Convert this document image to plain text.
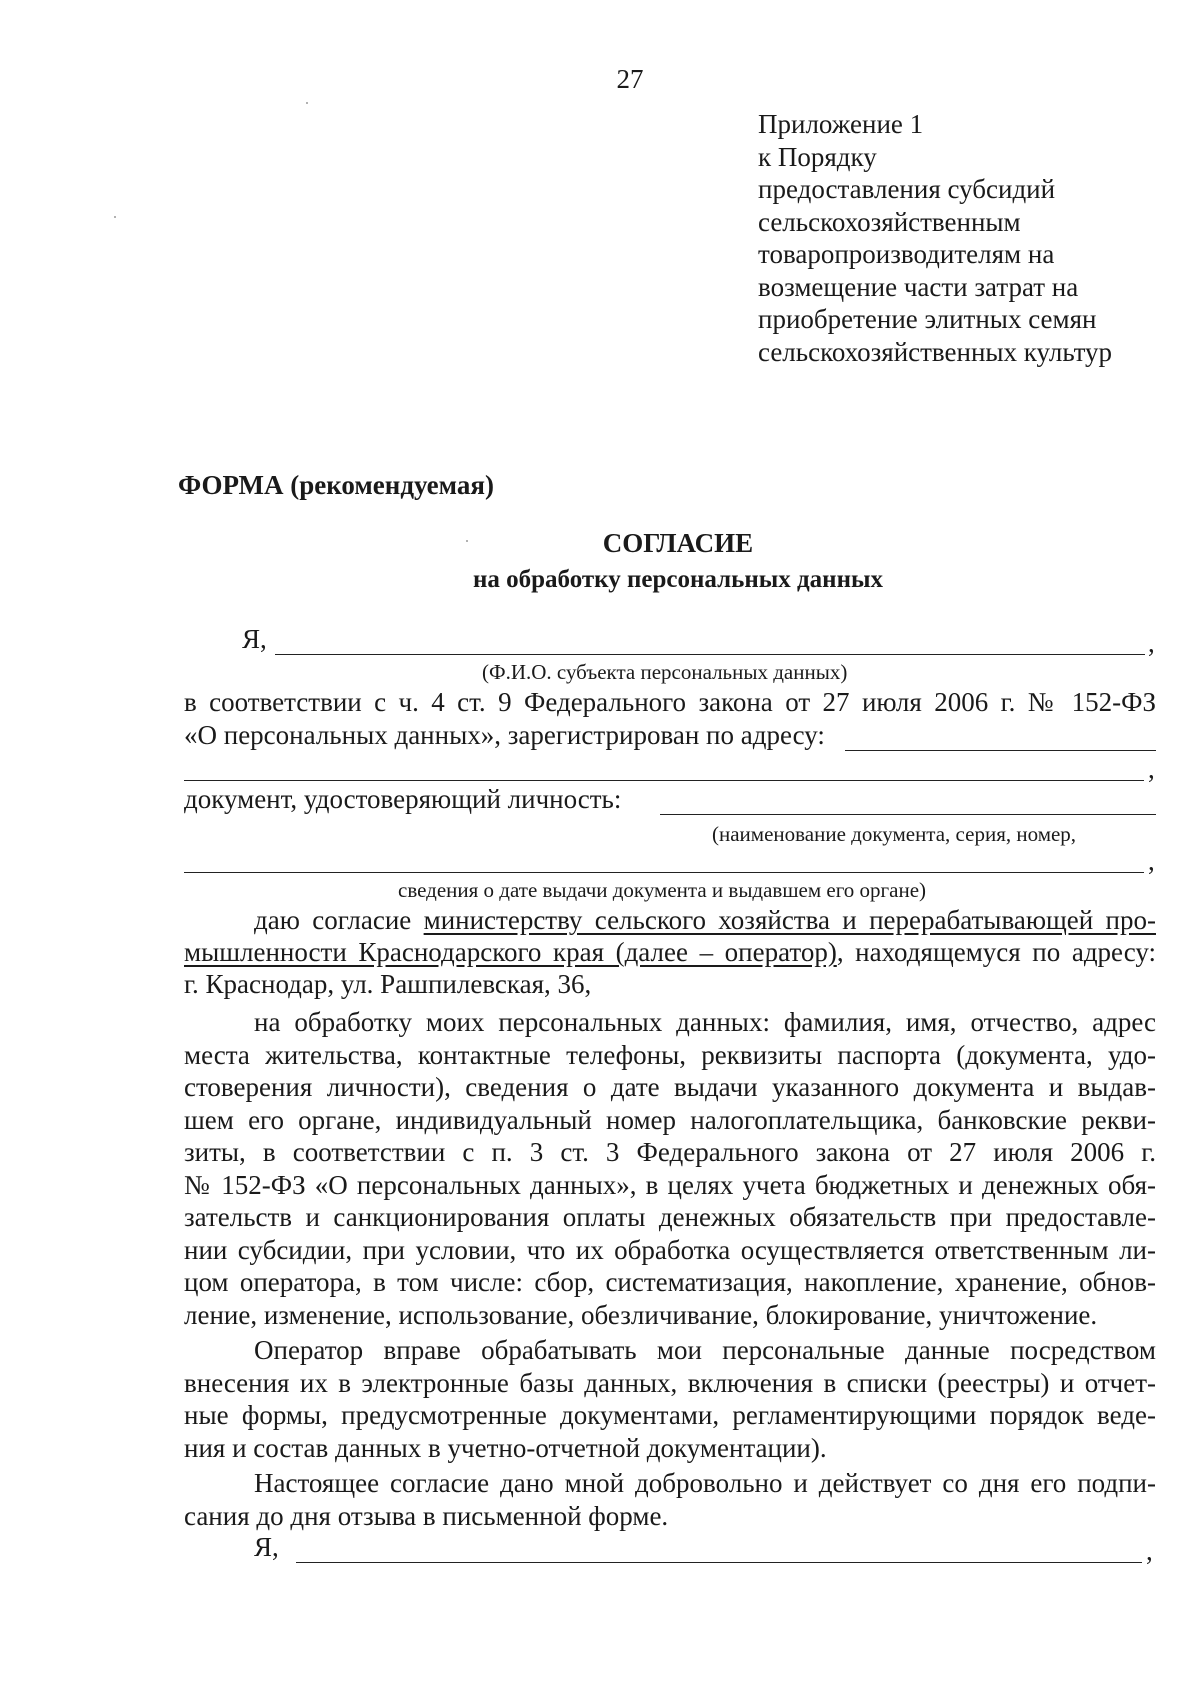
27
Приложение 1
к Порядку
предоставления субсидий
сельскохозяйственным
товаропроизводителям на
возмещение части затрат на
приобретение элитных семян
сельскохозяйственных культур
ФОРМА (рекомендуемая)
СОГЛАСИЕ
на обработку персональных данных
Я,	,
(Ф.И.О. субъекта персональных данных)
в соответствии с ч. 4 ст. 9 Федерального закона от 27 июля 2006 г. № 152-ФЗ
«О персональных данных», зарегистрирован по адресу:
,
документ, удостоверяющий личность:
(наименование документа, серия, номер,
,
сведения о дате выдачи документа и выдавшем его органе)
даю согласие министерству сельского хозяйства и перерабатывающей про-
мышленности Краснодарского края (далее – оператор), находящемуся по адресу:
г. Краснодар, ул. Рашпилевская, 36,
на обработку моих персональных данных: фамилия, имя, отчество, адрес
места жительства, контактные телефоны, реквизиты паспорта (документа, удо-
стоверения личности), сведения о дате выдачи указанного документа и выдав-
шем его органе, индивидуальный номер налогоплательщика, банковские рекви-
зиты, в соответствии с п. 3 ст. 3 Федерального закона от 27 июля 2006 г.
№ 152-ФЗ «О персональных данных», в целях учета бюджетных и денежных обя-
зательств и санкционирования оплаты денежных обязательств при предоставле-
нии субсидии, при условии, что их обработка осуществляется ответственным ли-
цом оператора, в том числе: сбор, систематизация, накопление, хранение, обнов-
ление, изменение, использование, обезличивание, блокирование, уничтожение.
Оператор вправе обрабатывать мои персональные данные посредством
внесения их в электронные базы данных, включения в списки (реестры) и отчет-
ные формы, предусмотренные документами, регламентирующими порядок веде-
ния и состав данных в учетно-отчетной документации).
Настоящее согласие дано мной добровольно и действует со дня его подпи-
сания до дня отзыва в письменной форме.
Я,	,
